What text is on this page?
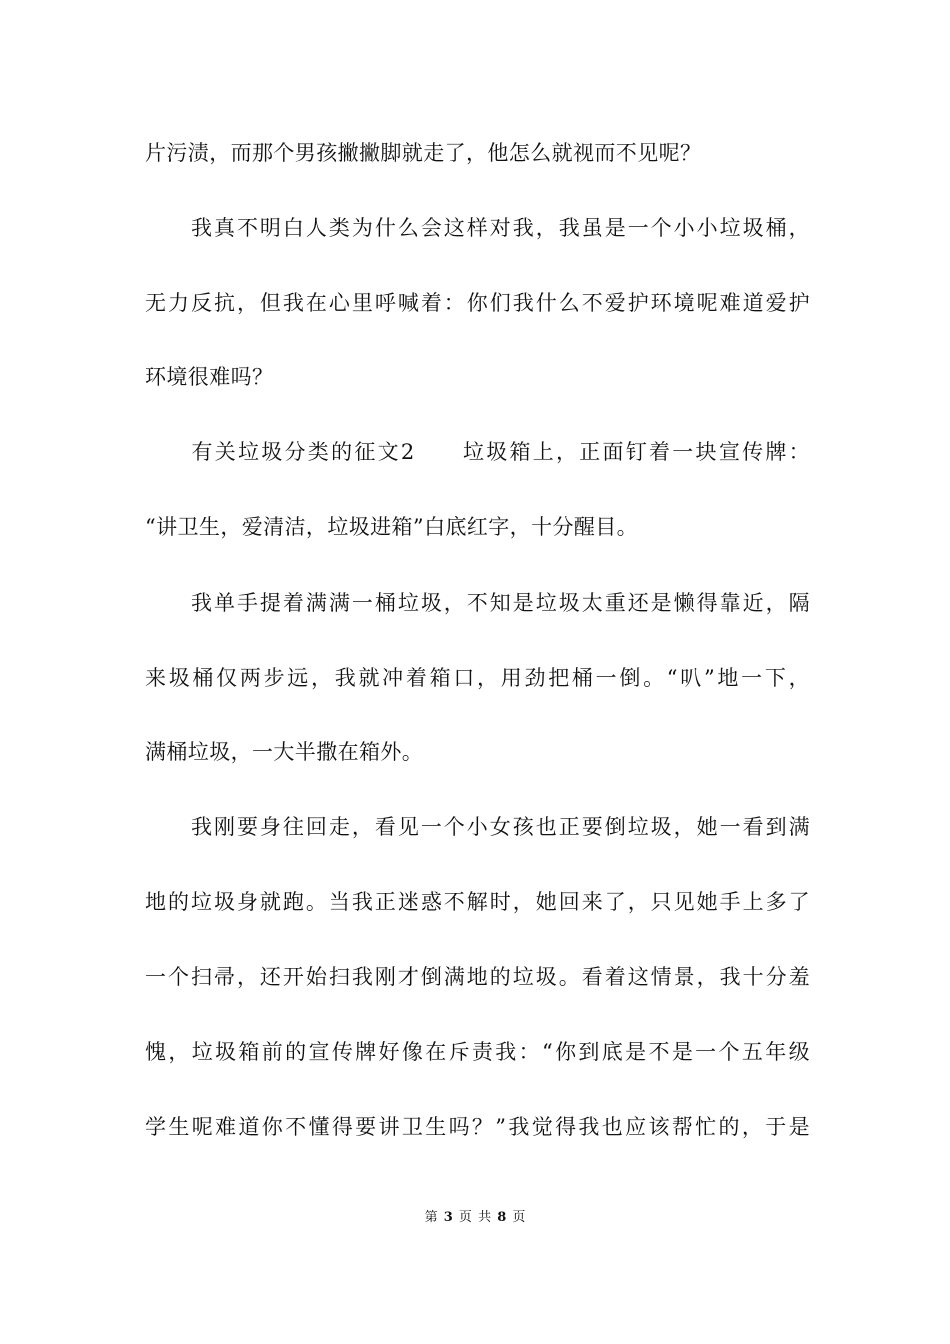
片污渍，而那个男孩撇撇脚就走了，他怎么就视而不见呢？
　　我真不明白人类为什么会这样对我，我虽是一个小小垃圾桶，
无力反抗，但我在心里呼喊着：你们我什么不爱护环境呢难道爱护
环境很难吗？
　　有关垃圾分类的征文2　　垃圾箱上，正面钉着一块宣传牌：
“讲卫生，爱清洁，垃圾进箱”白底红字，十分醒目。
　　我单手提着满满一桶垃圾，不知是垃圾太重还是懒得靠近，隔
来圾桶仅两步远，我就冲着箱口，用劲把桶一倒。“叭”地一下，
满桶垃圾，一大半撒在箱外。
　　我刚要身往回走，看见一个小女孩也正要倒垃圾，她一看到满
地的垃圾身就跑。当我正迷惑不解时，她回来了，只见她手上多了
一个扫帚，还开始扫我刚才倒满地的垃圾。看着这情景，我十分羞
愧，垃圾箱前的宣传牌好像在斥责我：“你到底是不是一个五年级
学生呢难道你不懂得要讲卫生吗？”我觉得我也应该帮忙的，于是
第 3 页 共 8 页
